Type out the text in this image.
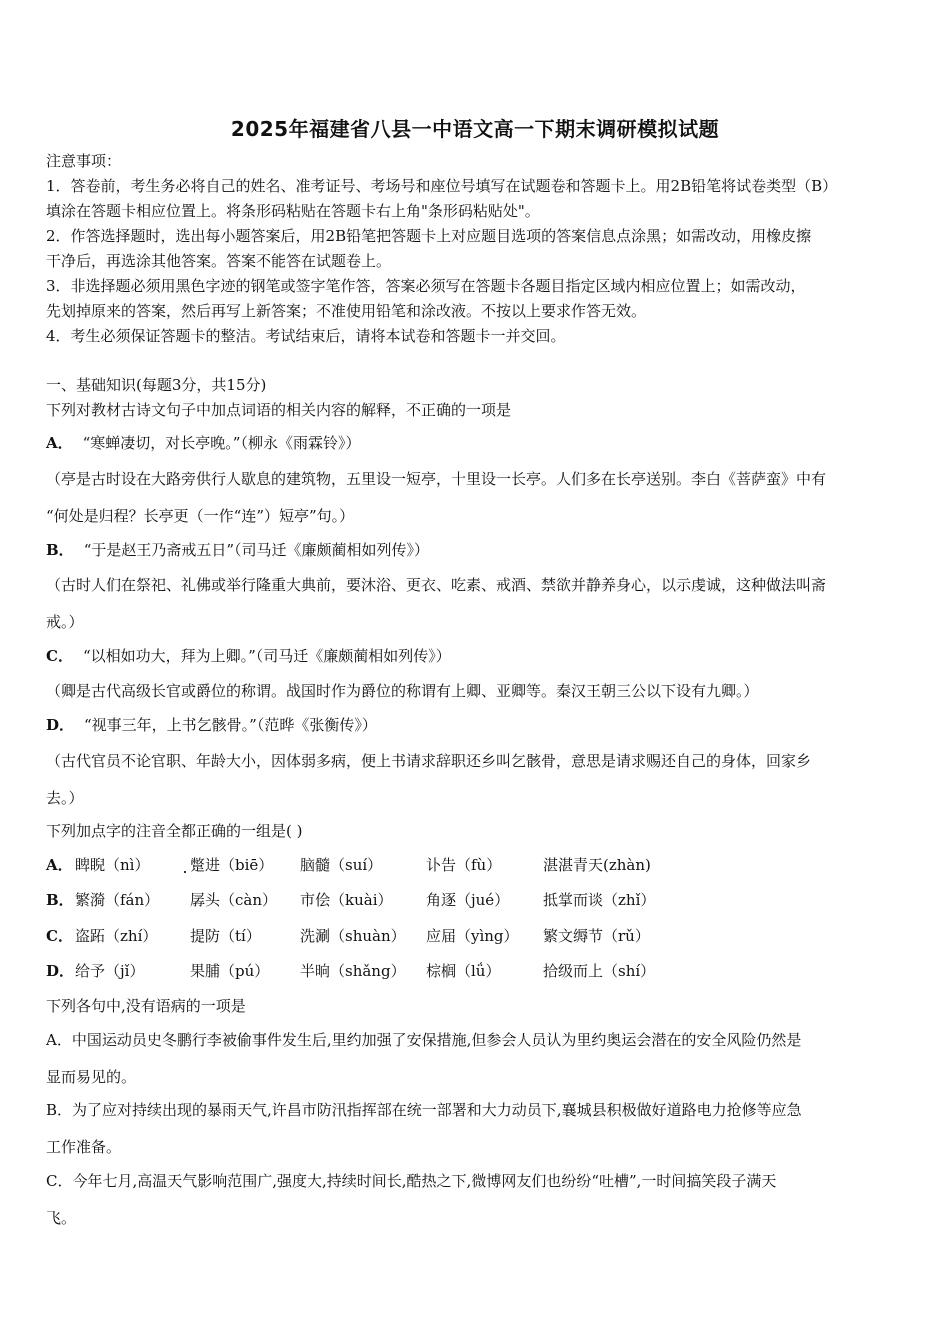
2025年福建省八县一中语文高一下期末调研模拟试题
注意事项：
1．答卷前，考生务必将自己的姓名、准考证号、考场号和座位号填写在试题卷和答题卡上。用2B铅笔将试卷类型（B）
填涂在答题卡相应位置上。将条形码粘贴在答题卡右上角"条形码粘贴处"。
2．作答选择题时，选出每小题答案后，用2B铅笔把答题卡上对应题目选项的答案信息点涂黑；如需改动，用橡皮擦
干净后，再选涂其他答案。答案不能答在试题卷上。
3．非选择题必须用黑色字迹的钢笔或签字笔作答，答案必须写在答题卡各题目指定区域内相应位置上；如需改动，
先划掉原来的答案，然后再写上新答案；不准使用铅笔和涂改液。不按以上要求作答无效。
4．考生必须保证答题卡的整洁。考试结束后，请将本试卷和答题卡一并交回。
一、基础知识(每题3分，共15分)
下列对教材古诗文句子中加点词语的相关内容的解释，不正确的一项是
A． “寒蝉凄切，对长亭晚。”（柳永《雨霖铃》）
（亭是古时设在大路旁供行人歇息的建筑物，五里设一短亭，十里设一长亭。人们多在长亭送别。李白《菩萨蛮》中有
“何处是归程？长亭更（一作“连”）短亭”句。）
B． “于是赵王乃斋戒五日”（司马迁《廉颇蔺相如列传》）
（古时人们在祭祀、礼佛或举行隆重大典前，要沐浴、更衣、吃素、戒酒、禁欲并静养身心，以示虔诚，这种做法叫斋
戒。）
C． “以相如功大，拜为上卿。”（司马迁《廉颇蔺相如列传》）
（卿是古代高级长官或爵位的称谓。战国时作为爵位的称谓有上卿、亚卿等。秦汉王朝三公以下设有九卿。）
D． “视事三年，上书乞骸骨。”（范晔《张衡传》）
（古代官员不论官职、年龄大小，因体弱多病，便上书请求辞职还乡叫乞骸骨，意思是请求赐还自己的身体，回家乡
去。）
下列加点字的注音全都正确的一组是( )
A． 睥睨（nì）	蹩进（biē） 脑髓（suí）	讣告（fù）	湛湛青天(zhàn)
B． 繁漪（fán） 孱头（càn） 市侩（kuài） 角逐（jué） 抵掌而谈（zhǐ）
C． 盗跖（zhí） 提防（tí）	洗涮（shuàn） 应届（yìng） 繁文缛节（rǔ）
D． 给予（jǐ）	果脯（pú） 半晌（shǎng） 棕榈（lǘ）	拾级而上（shí）
下列各句中,没有语病的一项是
A．中国运动员史冬鹏行李被偷事件发生后,里约加强了安保措施,但参会人员认为里约奥运会潜在的安全风险仍然是
显而易见的。
B．为了应对持续出现的暴雨天气,许昌市防汛指挥部在统一部署和大力动员下,襄城县积极做好道路电力抢修等应急
工作准备。
C．今年七月,高温天气影响范围广,强度大,持续时间长,酷热之下,微博网友们也纷纷“吐槽”,一时间搞笑段子满天
飞。
